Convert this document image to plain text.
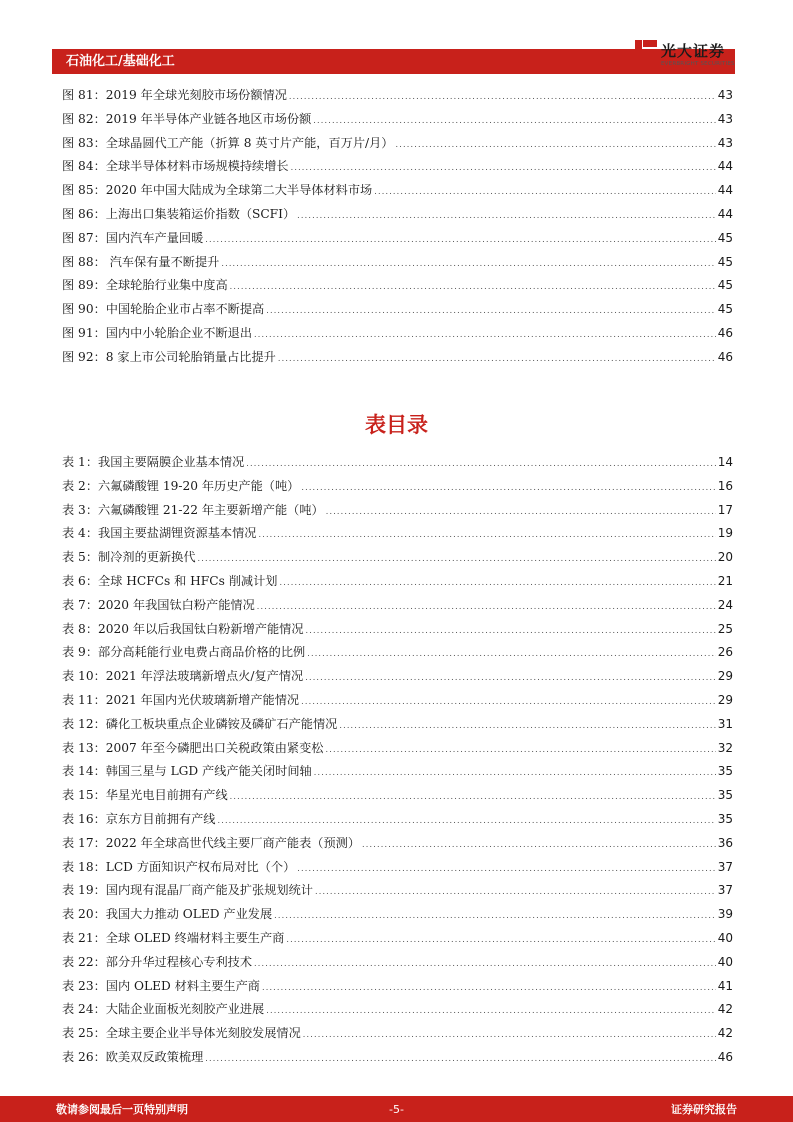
石油化工/基础化工
光大证券
EVERBRIGHT SECURITIES
图 81：2019 年全球光刻胶市场份额情况 .....	43
图 82：2019 年半导体产业链各地区市场份额 .....	43
图 83：全球晶圆代工产能（折算 8 英寸片产能，百万片/月） .....	43
图 84：全球半导体材料市场规模持续增长 .....	44
图 85：2020 年中国大陆成为全球第二大半导体材料市场 .....	44
图 86：上海出口集装箱运价指数（SCFI） .....	44
图 87：国内汽车产量回暖 .....	45
图 88： 汽车保有量不断提升 .....	45
图 89：全球轮胎行业集中度高 .....	45
图 90：中国轮胎企业市占率不断提高 .....	45
图 91：国内中小轮胎企业不断退出 .....	46
图 92：8 家上市公司轮胎销量占比提升 .....	46
表目录
表 1：我国主要隔膜企业基本情况 .....	14
表 2：六氟磷酸锂 19-20 年历史产能（吨） .....	16
表 3：六氟磷酸锂 21-22 年主要新增产能（吨） .....	17
表 4：我国主要盐湖锂资源基本情况 .....	19
表 5：制冷剂的更新换代 .....	20
表 6：全球 HCFCs 和 HFCs 削减计划 .....	21
表 7：2020 年我国钛白粉产能情况 .....	24
表 8：2020 年以后我国钛白粉新增产能情况 .....	25
表 9：部分高耗能行业电费占商品价格的比例 .....	26
表 10：2021 年浮法玻璃新增点火/复产情况 .....	29
表 11：2021 年国内光伏玻璃新增产能情况 .....	29
表 12：磷化工板块重点企业磷铵及磷矿石产能情况 .....	31
表 13：2007 年至今磷肥出口关税政策由紧变松 .....	32
表 14：韩国三星与 LGD 产线产能关闭时间轴 .....	35
表 15：华星光电目前拥有产线 .....	35
表 16：京东方目前拥有产线 .....	35
表 17：2022 年全球高世代线主要厂商产能表（预测） .....	36
表 18：LCD 方面知识产权布局对比（个） .....	37
表 19：国内现有混晶厂商产能及扩张规划统计 .....	37
表 20：我国大力推动 OLED 产业发展 .....	39
表 21：全球 OLED 终端材料主要生产商 .....	40
表 22：部分升华过程核心专利技术 .....	40
表 23：国内 OLED 材料主要生产商 .....	41
表 24：大陆企业面板光刻胶产业进展 .....	42
表 25：全球主要企业半导体光刻胶发展情况 .....	42
表 26：欧美双反政策梳理 .....	46
敬请参阅最后一页特别声明	-5-	证券研究报告
